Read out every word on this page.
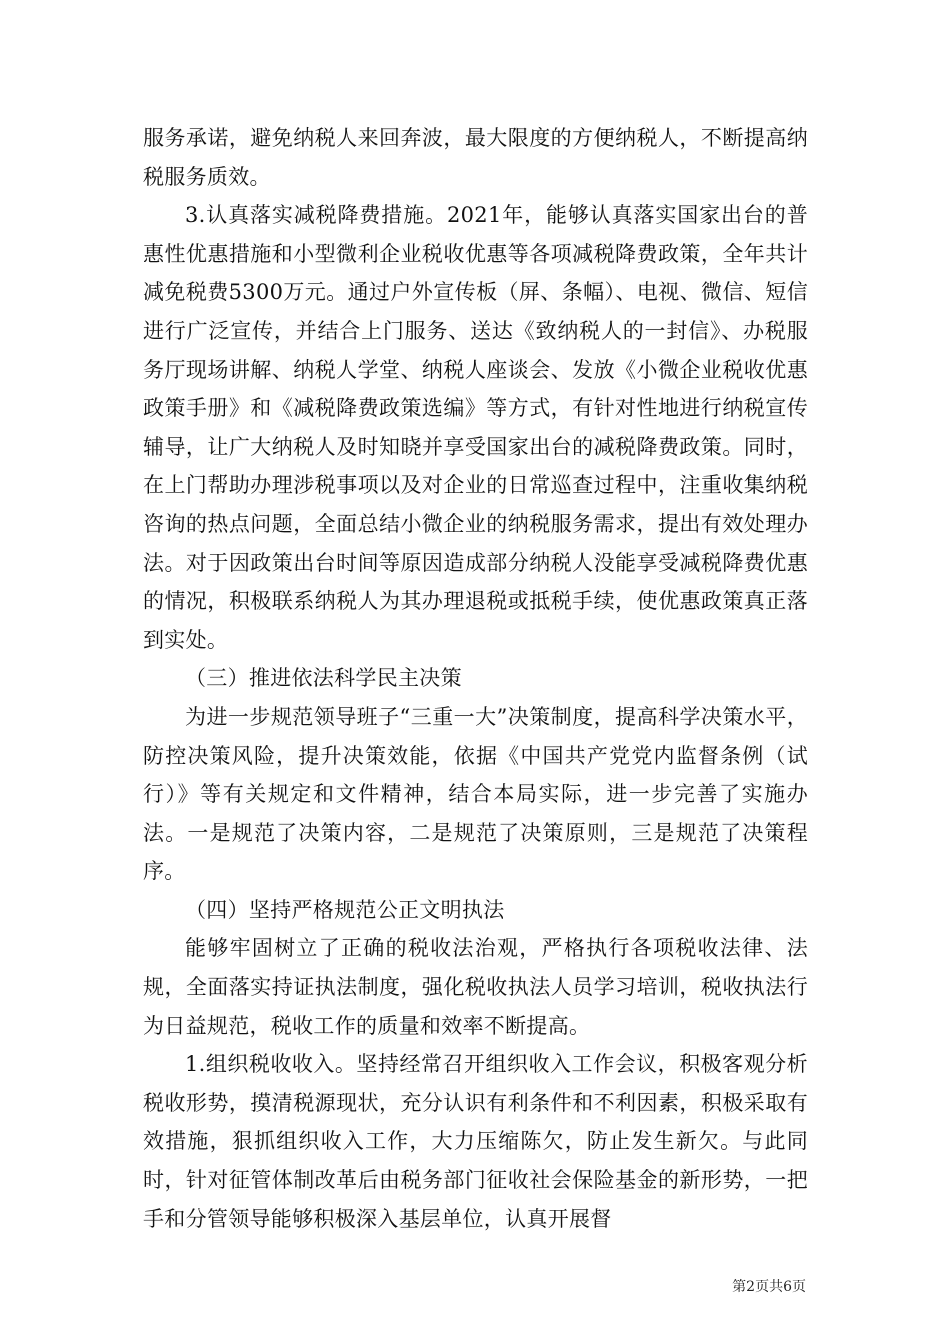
服务承诺，避免纳税人来回奔波，最大限度的方便纳税人，不断提高纳税服务质效。

3.认真落实减税降费措施。2021年，能够认真落实国家出台的普惠性优惠措施和小型微利企业税收优惠等各项减税降费政策，全年共计减免税费5300万元。通过户外宣传板（屏、条幅）、电视、微信、短信进行广泛宣传，并结合上门服务、送达《致纳税人的一封信》、办税服务厅现场讲解、纳税人学堂、纳税人座谈会、发放《小微企业税收优惠政策手册》和《减税降费政策选编》等方式，有针对性地进行纳税宣传辅导，让广大纳税人及时知晓并享受国家出台的减税降费政策。同时，在上门帮助办理涉税事项以及对企业的日常巡查过程中，注重收集纳税咨询的热点问题，全面总结小微企业的纳税服务需求，提出有效处理办法。对于因政策出台时间等原因造成部分纳税人没能享受减税降费优惠的情况，积极联系纳税人为其办理退税或抵税手续，使优惠政策真正落到实处。

（三）推进依法科学民主决策

为进一步规范领导班子“三重一大”决策制度，提高科学决策水平，防控决策风险，提升决策效能，依据《中国共产党党内监督条例（试行）》等有关规定和文件精神，结合本局实际，进一步完善了实施办法。一是规范了决策内容，二是规范了决策原则，三是规范了决策程序。

（四）坚持严格规范公正文明执法

能够牢固树立了正确的税收法治观，严格执行各项税收法律、法规，全面落实持证执法制度，强化税收执法人员学习培训，税收执法行为日益规范，税收工作的质量和效率不断提高。

1.组织税收收入。坚持经常召开组织收入工作会议，积极客观分析税收形势，摸清税源现状，充分认识有利条件和不利因素，积极采取有效措施，狠抓组织收入工作，大力压缩陈欠，防止发生新欠。与此同时，针对征管体制改革后由税务部门征收社会保险基金的新形势，一把手和分管领导能够积极深入基层单位，认真开展督

第2页共6页
